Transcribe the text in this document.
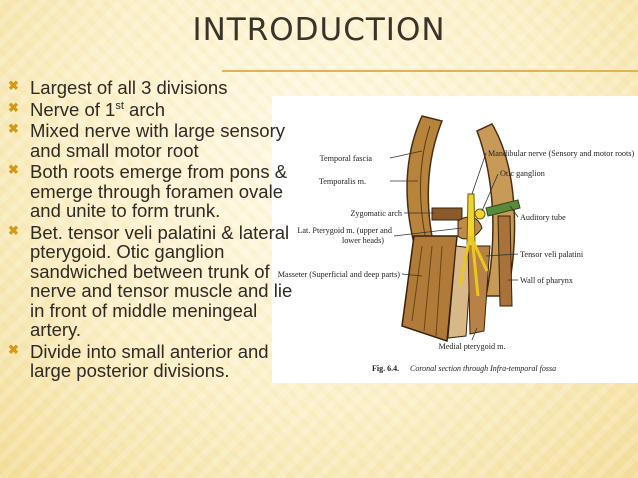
INTRODUCTION
✖ Largest of all 3 divisions
✖ Nerve of 1st arch
✖ Mixed nerve with large sensory and small motor root
✖ Both roots emerge from pons & emerge through foramen ovale and unite to form trunk.
✖ Bet. tensor veli palatini & lateral pterygoid. Otic ganglion sandwiched between trunk of nerve and tensor muscle and lie in front of middle meningeal artery.
✖ Divide into small anterior and large posterior divisions.
Temporal fascia
Temporalis m.
Zygomatic arch
Lat. Pterygoid m. (upper and
lower heads)
Masseter (Superficial and deep parts)
Mandibular nerve (Sensory and motor roots)
Otic ganglion
Auditory tube
Tensor veli palatini
Wall of pharynx
Medial pterygoid m.
Fig. 6.4. Coronal section through Infra-temporal fossa
